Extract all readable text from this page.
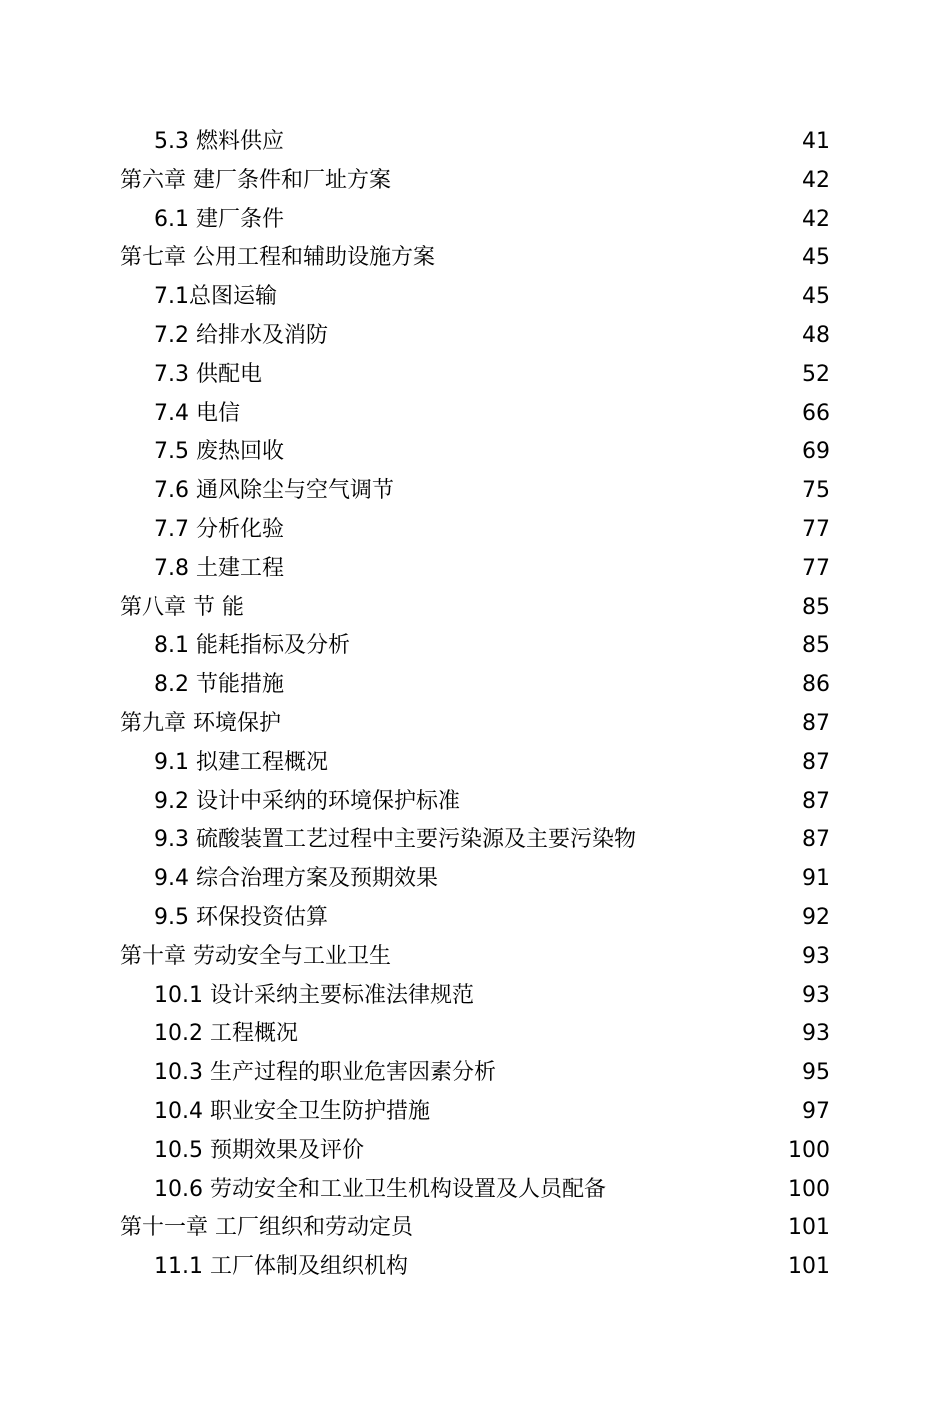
5.3 燃料供应	41
第六章 建厂条件和厂址方案	42
6.1 建厂条件	42
第七章 公用工程和辅助设施方案	45
7.1总图运输	45
7.2 给排水及消防	48
7.3 供配电	52
7.4 电信	66
7.5 废热回收	69
7.6 通风除尘与空气调节	75
7.7 分析化验	77
7.8 土建工程	77
第八章 节 能	85
8.1 能耗指标及分析	85
8.2 节能措施	86
第九章 环境保护	87
9.1 拟建工程概况	87
9.2 设计中采纳的环境保护标准	87
9.3 硫酸装置工艺过程中主要污染源及主要污染物	87
9.4 综合治理方案及预期效果	91
9.5 环保投资估算	92
第十章 劳动安全与工业卫生	93
10.1 设计采纳主要标准法律规范	93
10.2 工程概况	93
10.3 生产过程的职业危害因素分析	95
10.4 职业安全卫生防护措施	97
10.5 预期效果及评价	100
10.6 劳动安全和工业卫生机构设置及人员配备	100
第十一章 工厂组织和劳动定员	101
11.1 工厂体制及组织机构	101
